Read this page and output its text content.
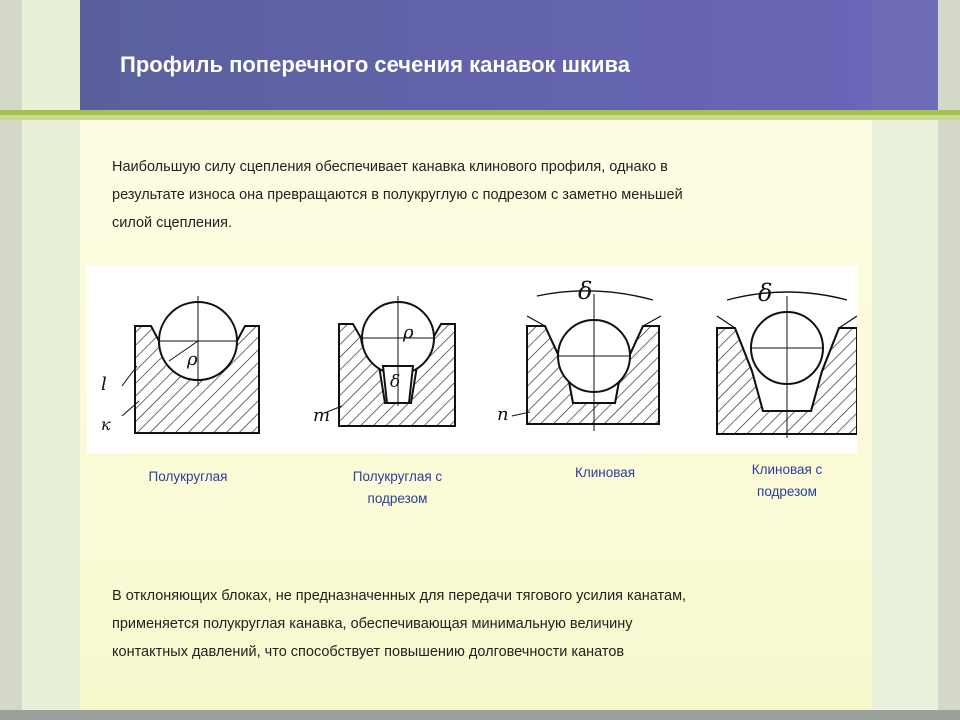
Профиль поперечного сечения канавок шкива
Наибольшую силу сцепления обеспечивает канавка клинового профиля, однако в
результате износа она превращаются в полукруглую с подрезом с заметно меньшей
силой сцепления.
ρ
l
к
ρ
δ
m
δ
n
δ
Полукруглая	Полукруглая с
подрезом
Клиновая	Клиновая с
подрезом
В отклоняющих блоках, не предназначенных для передачи тягового усилия канатам,
применяется полукруглая канавка, обеспечивающая минимальную величину
контактных давлений, что способствует повышению долговечности канатов
